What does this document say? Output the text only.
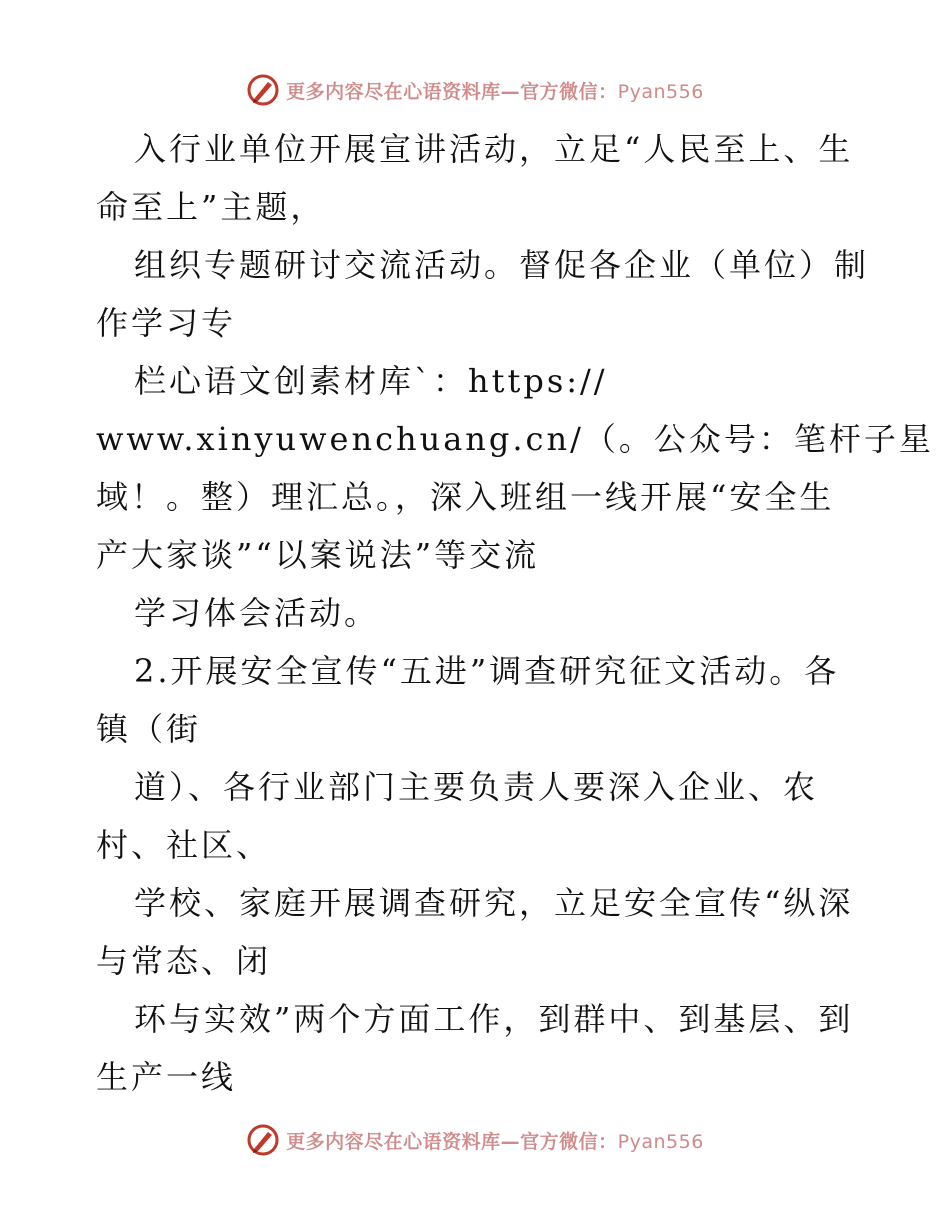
更多内容尽在心语资料库—官方微信：Pyan556
入行业单位开展宣讲活动，立足“人民至上、生
命至上”主题，
组织专题研讨交流活动。督促各企业（单位）制
作学习专
栏心语文创素材库`：https://
www.xinyuwenchuang.cn/（。公众号：笔杆子星
域！。整）理汇总。，深入班组一线开展“安全生
产大家谈”“以案说法”等交流
学习体会活动。
2.开展安全宣传“五进”调查研究征文活动。各
镇（街
道）、各行业部门主要负责人要深入企业、农
村、社区、
学校、家庭开展调查研究，立足安全宣传“纵深
与常态、闭
环与实效”两个方面工作，到群中、到基层、到
生产一线
更多内容尽在心语资料库—官方微信：Pyan556
